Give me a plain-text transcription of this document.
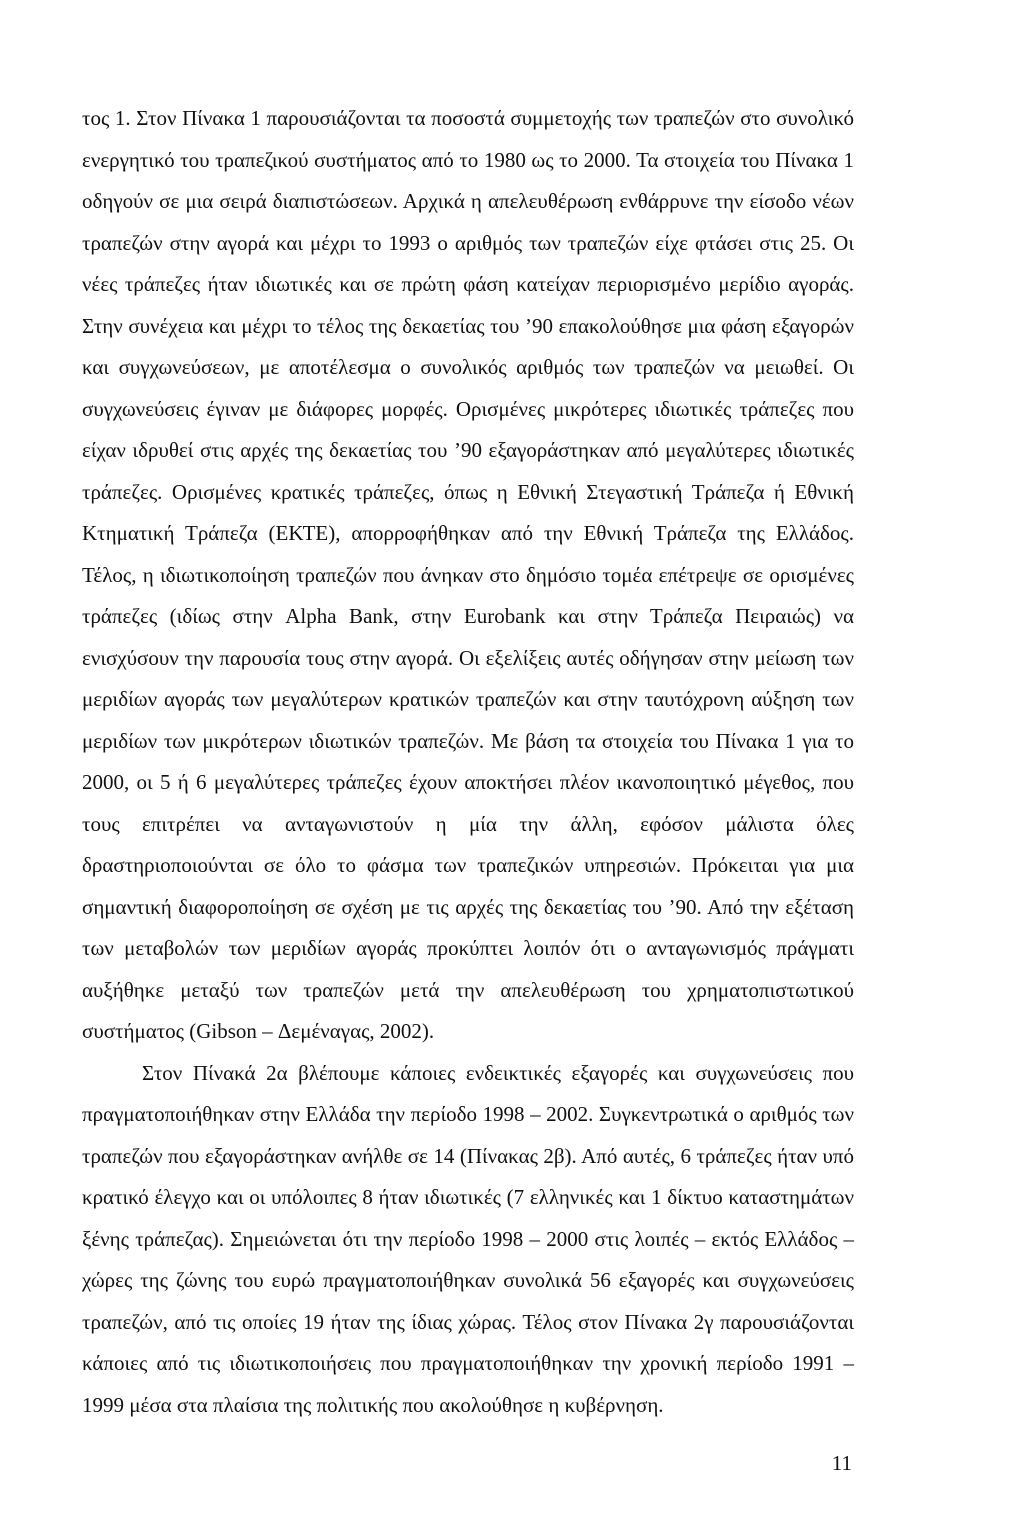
τος 1. Στον Πίνακα 1 παρουσιάζονται τα ποσοστά συμμετοχής των τραπεζών στο συνολικό ενεργητικό του τραπεζικού συστήματος από το 1980 ως το 2000. Τα στοιχεία του Πίνακα 1 οδηγούν σε μια σειρά διαπιστώσεων. Αρχικά η απελευθέρωση ενθάρρυνε την είσοδο νέων τραπεζών στην αγορά και μέχρι το 1993 ο αριθμός των τραπεζών είχε φτάσει στις 25. Οι νέες τράπεζες ήταν ιδιωτικές και σε πρώτη φάση κατείχαν περιορισμένο μερίδιο αγοράς. Στην συνέχεια και μέχρι το τέλος της δεκαετίας του ’90 επακολούθησε μια φάση εξαγορών και συγχωνεύσεων, με αποτέλεσμα ο συνολικός αριθμός των τραπεζών να μειωθεί. Οι συγχωνεύσεις έγιναν με διάφορες μορφές. Ορισμένες μικρότερες ιδιωτικές τράπεζες που είχαν ιδρυθεί στις αρχές της δεκαετίας του ’90 εξαγοράστηκαν από μεγαλύτερες ιδιωτικές τράπεζες. Ορισμένες κρατικές τράπεζες, όπως η Εθνική Στεγαστική Τράπεζα ή Εθνική Κτηματική Τράπεζα (ΕΚΤΕ), απορροφήθηκαν από την Εθνική Τράπεζα της Ελλάδος. Τέλος, η ιδιωτικοποίηση τραπεζών που άνηκαν στο δημόσιο τομέα επέτρεψε σε ορισμένες τράπεζες (ιδίως στην Alpha Bank, στην Eurobank και στην Τράπεζα Πειραιώς) να ενισχύσουν την παρουσία τους στην αγορά. Οι εξελίξεις αυτές οδήγησαν στην μείωση των μεριδίων αγοράς των μεγαλύτερων κρατικών τραπεζών και στην ταυτόχρονη αύξηση των μεριδίων των μικρότερων ιδιωτικών τραπεζών. Με βάση τα στοιχεία του Πίνακα 1 για το 2000, οι 5 ή 6 μεγαλύτερες τράπεζες έχουν αποκτήσει πλέον ικανοποιητικό μέγεθος, που τους επιτρέπει να ανταγωνιστούν η μία την άλλη, εφόσον μάλιστα όλες δραστηριοποιούνται σε όλο το φάσμα των τραπεζικών υπηρεσιών. Πρόκειται για μια σημαντική διαφοροποίηση σε σχέση με τις αρχές της δεκαετίας του ’90. Από την εξέταση των μεταβολών των μεριδίων αγοράς προκύπτει λοιπόν ότι ο ανταγωνισμός πράγματι αυξήθηκε μεταξύ των τραπεζών μετά την απελευθέρωση του χρηματοπιστωτικού συστήματος (Gibson – Δεμέναγας, 2002).

Στον Πίνακά 2α βλέπουμε κάποιες ενδεικτικές εξαγορές και συγχωνεύσεις που πραγματοποιήθηκαν στην Ελλάδα την περίοδο 1998 – 2002. Συγκεντρωτικά ο αριθμός των τραπεζών που εξαγοράστηκαν ανήλθε σε 14 (Πίνακας 2β). Από αυτές, 6 τράπεζες ήταν υπό κρατικό έλεγχο και οι υπόλοιπες 8 ήταν ιδιωτικές (7 ελληνικές και 1 δίκτυο καταστημάτων ξένης τράπεζας). Σημειώνεται ότι την περίοδο 1998 – 2000 στις λοιπές – εκτός Ελλάδος – χώρες της ζώνης του ευρώ πραγματοποιήθηκαν συνολικά 56 εξαγορές και συγχωνεύσεις τραπεζών, από τις οποίες 19 ήταν της ίδιας χώρας. Τέλος στον Πίνακα 2γ παρουσιάζονται κάποιες από τις ιδιωτικοποιήσεις που πραγματοποιήθηκαν την χρονική περίοδο 1991 – 1999 μέσα στα πλαίσια της πολιτικής που ακολούθησε η κυβέρνηση.

11
